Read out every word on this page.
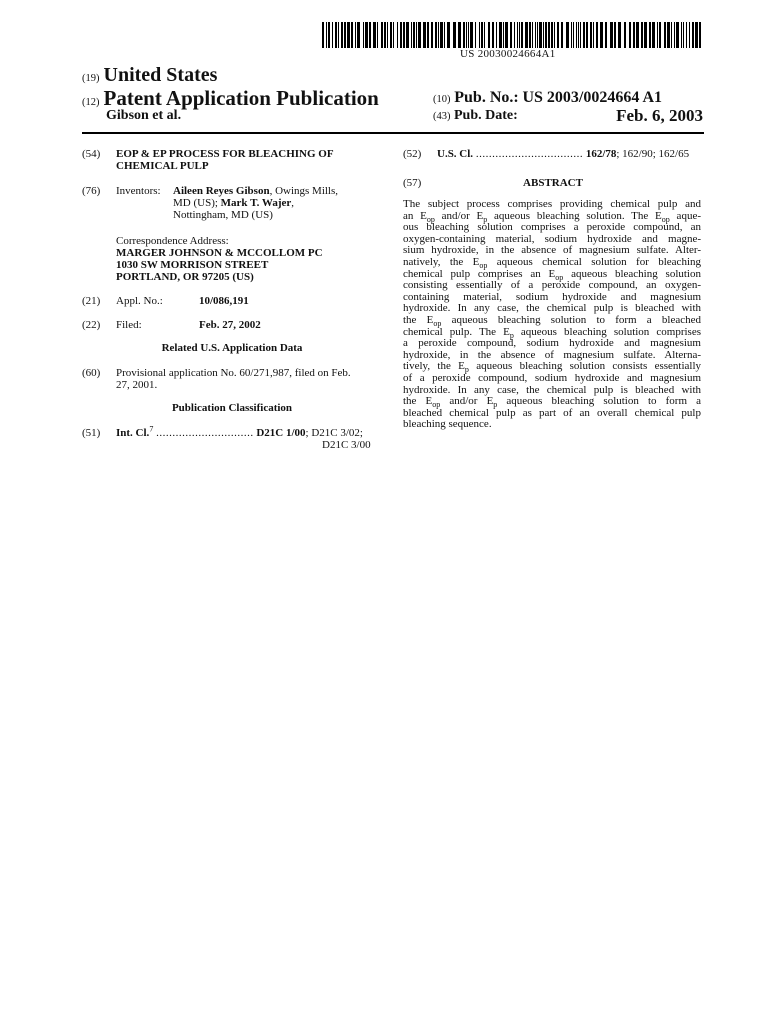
US 20030024664A1
(19) United States
(12) Patent Application Publication
Gibson et al.
(10) Pub. No.: US 2003/0024664 A1
(43) Pub. Date:	Feb. 6, 2003
(54) EOP & EP PROCESS FOR BLEACHING OF
CHEMICAL PULP
(76) Inventors: Aileen Reyes Gibson, Owings Mills,
MD (US); Mark T. Wajer,
Nottingham, MD (US)
Correspondence Address:
MARGER JOHNSON & MCCOLLOM PC
1030 SW MORRISON STREET
PORTLAND, OR 97205 (US)
(21) Appl. No.:	10/086,191
(22) Filed:	Feb. 27, 2002
Related U.S. Application Data
(60) Provisional application No. 60/271,987, filed on Feb.
27, 2001.
Publication Classification
(51) Int. Cl.$^7$ .............................. D21C 1/00; D21C 3/02;
D21C 3/00
(52) U.S. Cl. ................................. 162/78; 162/90; 162/65
(57)	ABSTRACT
The subject process comprises providing chemical pulp and
an $E_{op}$ and/or $E_p$ aqueous bleaching solution. The $E_{op}$ aque-
ous bleaching solution comprises a peroxide compound, an
oxygen-containing material, sodium hydroxide and magne-
sium hydroxide, in the absence of magnesium sulfate. Alter-
natively, the $E_{op}$ aqueous chemical solution for bleaching
chemical pulp comprises an $E_{op}$ aqueous bleaching solution
consisting essentially of a peroxide compound, an oxygen-
containing material, sodium hydroxide and magnesium
hydroxide. In any case, the chemical pulp is bleached with
the $E_{op}$ aqueous bleaching solution to form a bleached
chemical pulp. The $E_p$ aqueous bleaching solution comprises
a peroxide compound, sodium hydroxide and magnesium
hydroxide, in the absence of magnesium sulfate. Alterna-
tively, the $E_p$ aqueous bleaching solution consists essentially
of a peroxide compound, sodium hydroxide and magnesium
hydroxide. In any case, the chemical pulp is bleached with
the $E_{op}$ and/or $E_p$ aqueous bleaching solution to form a
bleached chemical pulp as part of an overall chemical pulp
bleaching sequence.
